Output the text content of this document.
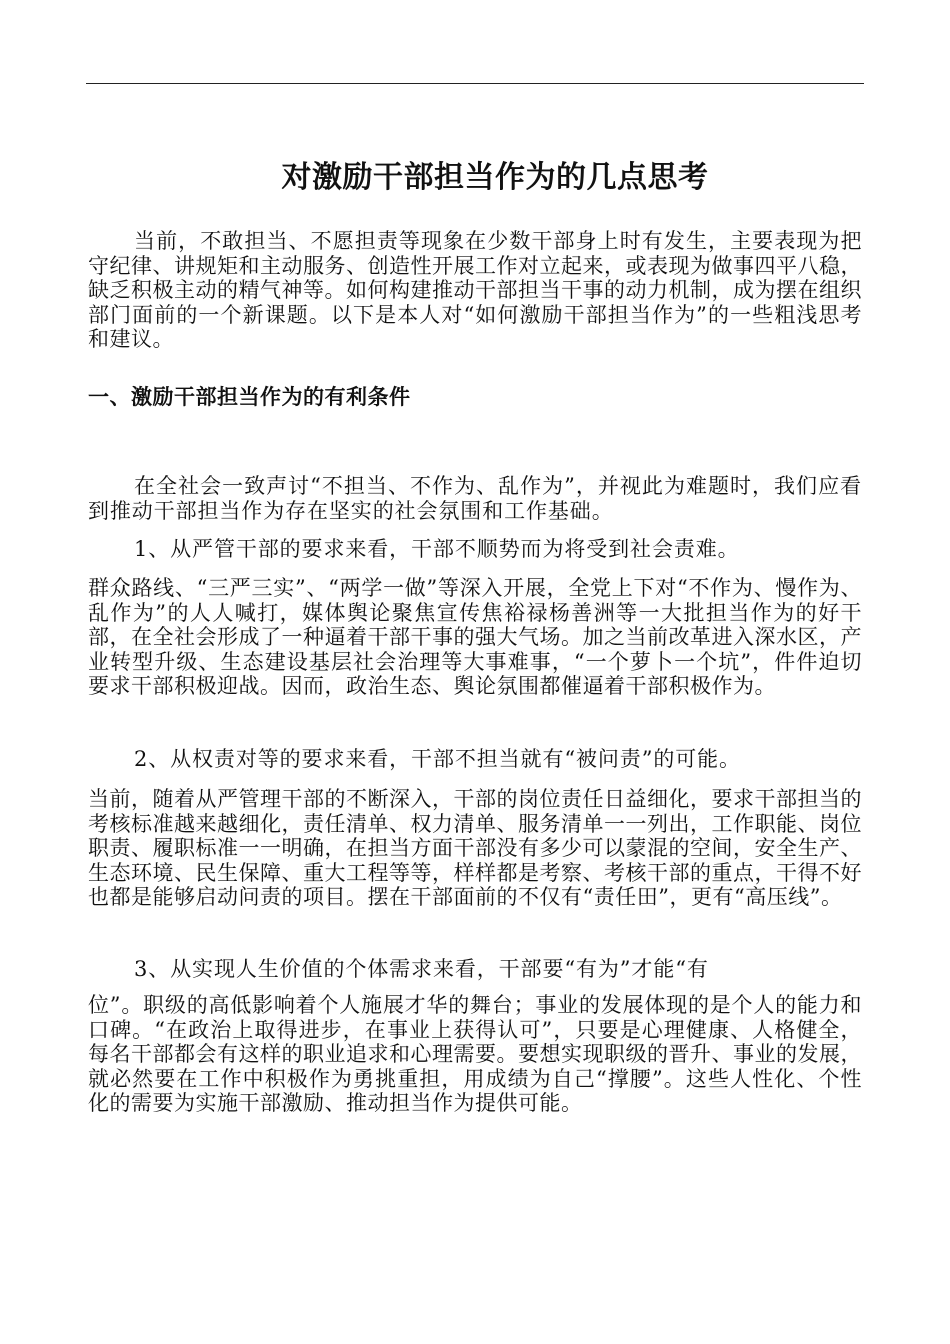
对激励干部担当作为的几点思考

当前，不敢担当、不愿担责等现象在少数干部身上时有发生，主要表现为把守纪律、讲规矩和主动服务、创造性开展工作对立起来，或表现为做事四平八稳，缺乏积极主动的精气神等。如何构建推动干部担当干事的动力机制，成为摆在组织部门面前的一个新课题。以下是本人对“如何激励干部担当作为”的一些粗浅思考和建议。

一、激励干部担当作为的有利条件

在全社会一致声讨“不担当、不作为、乱作为”，并视此为难题时，我们应看到推动干部担当作为存在坚实的社会氛围和工作基础。

1、从严管干部的要求来看，干部不顺势而为将受到社会责难。

群众路线、“三严三实”、“两学一做”等深入开展，全党上下对“不作为、慢作为、乱作为”的人人喊打，媒体舆论聚焦宣传焦裕禄杨善洲等一大批担当作为的好干部，在全社会形成了一种逼着干部干事的强大气场。加之当前改革进入深水区，产业转型升级、生态建设基层社会治理等大事难事，“一个萝卜一个坑”，件件迫切要求干部积极迎战。因而，政治生态、舆论氛围都催逼着干部积极作为。

2、从权责对等的要求来看，干部不担当就有“被问责”的可能。

当前，随着从严管理干部的不断深入，干部的岗位责任日益细化，要求干部担当的考核标准越来越细化，责任清单、权力清单、服务清单一一列出，工作职能、岗位职责、履职标准一一明确，在担当方面干部没有多少可以蒙混的空间，安全生产、生态环境、民生保障、重大工程等等，样样都是考察、考核干部的重点，干得不好也都是能够启动问责的项目。摆在干部面前的不仅有“责任田”，更有“高压线”。

3、从实现人生价值的个体需求来看，干部要“有为”才能“有

位”。职级的高低影响着个人施展才华的舞台；事业的发展体现的是个人的能力和口碑。“在政治上取得进步，在事业上获得认可”，只要是心理健康、人格健全，每名干部都会有这样的职业追求和心理需要。要想实现职级的晋升、事业的发展，就必然要在工作中积极作为勇挑重担，用成绩为自己“撑腰”。这些人性化、个性化的需要为实施干部激励、推动担当作为提供可能。
